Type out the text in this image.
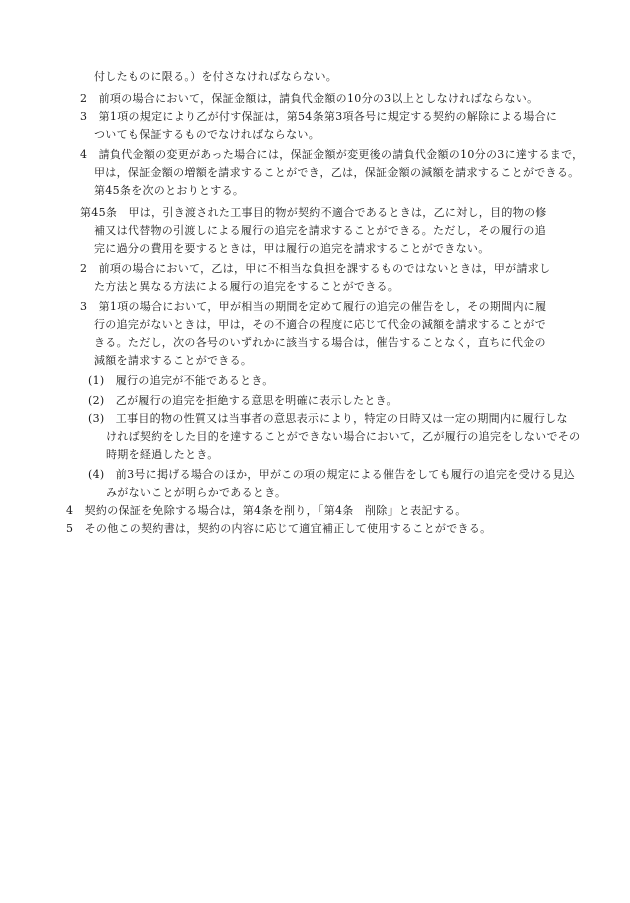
付したものに限る。）を付さなければならない。
2　前項の場合において，保証金額は，請負代金額の10分の3以上としなければならない。
3　第1項の規定により乙が付す保証は，第54条第3項各号に規定する契約の解除による場合に
ついても保証するものでなければならない。
4　請負代金額の変更があった場合には，保証金額が変更後の請負代金額の10分の3に達するまで，
甲は，保証金額の増額を請求することができ，乙は，保証金額の減額を請求することができる。
第45条を次のとおりとする。
第45条　甲は，引き渡された工事目的物が契約不適合であるときは，乙に対し，目的物の修
補又は代替物の引渡しによる履行の追完を請求することができる。ただし，その履行の追
完に過分の費用を要するときは，甲は履行の追完を請求することができない。
2　前項の場合において，乙は，甲に不相当な負担を課するものではないときは，甲が請求し
た方法と異なる方法による履行の追完をすることができる。
3　第1項の場合において，甲が相当の期間を定めて履行の追完の催告をし，その期間内に履
行の追完がないときは，甲は，その不適合の程度に応じて代金の減額を請求することがで
きる。ただし，次の各号のいずれかに該当する場合は，催告することなく，直ちに代金の
減額を請求することができる。
(1)　履行の追完が不能であるとき。
(2)　乙が履行の追完を拒絶する意思を明確に表示したとき。
(3)　工事目的物の性質又は当事者の意思表示により，特定の日時又は一定の期間内に履行しな
ければ契約をした目的を達することができない場合において，乙が履行の追完をしないでその
時期を経過したとき。
(4)　前3号に掲げる場合のほか，甲がこの項の規定による催告をしても履行の追完を受ける見込
みがないことが明らかであるとき。
4　契約の保証を免除する場合は，第4条を削り，「第4条　削除」と表記する。
5　その他この契約書は，契約の内容に応じて適宜補正して使用することができる。
